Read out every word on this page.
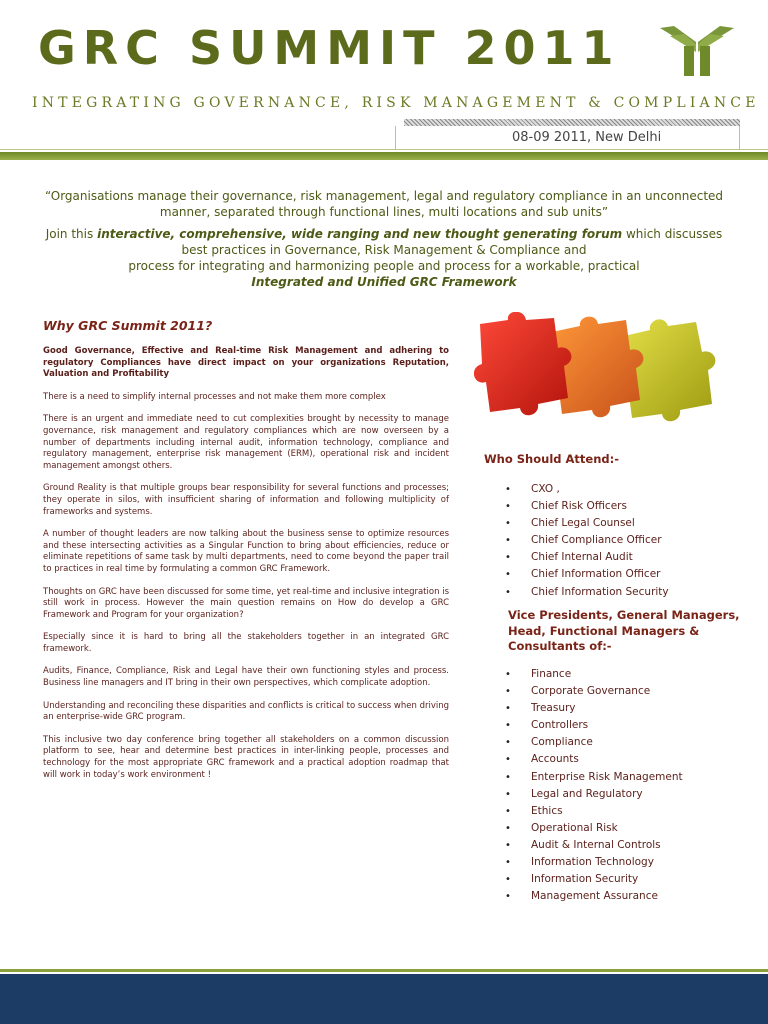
GRC SUMMIT 2011

INTEGRATING GOVERNANCE, RISK MANAGEMENT & COMPLIANCE

08-09 2011, New Delhi

“Organisations manage their governance, risk management, legal and regulatory compliance in an unconnected manner, separated through functional lines, multi locations and sub units”

Join this interactive, comprehensive, wide ranging and new thought generating forum which discusses

best practices in Governance, Risk Management & Compliance and

process for integrating and harmonizing people and process for a workable, practical

Integrated and Unified GRC Framework

Why GRC Summit 2011?

Good Governance, Effective and Real-time Risk Management and adhering to regulatory Compliances have direct impact on your organizations Reputation, Valuation and Profitability

There is a need to simplify internal processes and not make them more complex

There is an urgent and immediate need to cut complexities brought by necessity to manage governance, risk management and regulatory compliances which are now overseen by a number of departments including internal audit, information technology, compliance and regulatory management, enterprise risk management (ERM), operational risk and incident management amongst others.

Ground Reality is that multiple groups bear responsibility for several functions and processes; they operate in silos, with insufficient sharing of information and following multiplicity of frameworks and systems.

A number of thought leaders are now talking about the business sense to optimize resources and these intersecting activities as a Singular Function to bring about efficiencies, reduce or eliminate repetitions of same task by multi departments, need to come beyond the paper trail to practices in real time by formulating a common GRC Framework.

Thoughts on GRC have been discussed for some time, yet real-time and inclusive integration is still work in process. However the main question remains on How do develop a GRC Framework and Program for your organization?

Especially since it is hard to bring all the stakeholders together in an integrated GRC framework.

Audits, Finance, Compliance, Risk and Legal have their own functioning styles and process. Business line managers and IT bring in their own perspectives, which complicate adoption.

Understanding and reconciling these disparities and conflicts is critical to success when driving an enterprise-wide GRC program.

This inclusive two day conference bring together all stakeholders on a common discussion platform to see, hear and determine best practices in inter-linking people, processes and technology for the most appropriate GRC framework and a practical adoption roadmap that will work in today’s work environment !

Who Should Attend:-
• CXO ,
• Chief Risk Officers
• Chief Legal Counsel
• Chief Compliance Officer
• Chief Internal Audit
• Chief Information Officer
• Chief Information Security
Vice Presidents, General Managers, Head, Functional Managers & Consultants of:-
• Finance
• Corporate Governance
• Treasury
• Controllers
• Compliance
• Accounts
• Enterprise Risk Management
• Legal and Regulatory
• Ethics
• Operational Risk
• Audit & Internal Controls
• Information Technology
• Information Security
• Management Assurance
